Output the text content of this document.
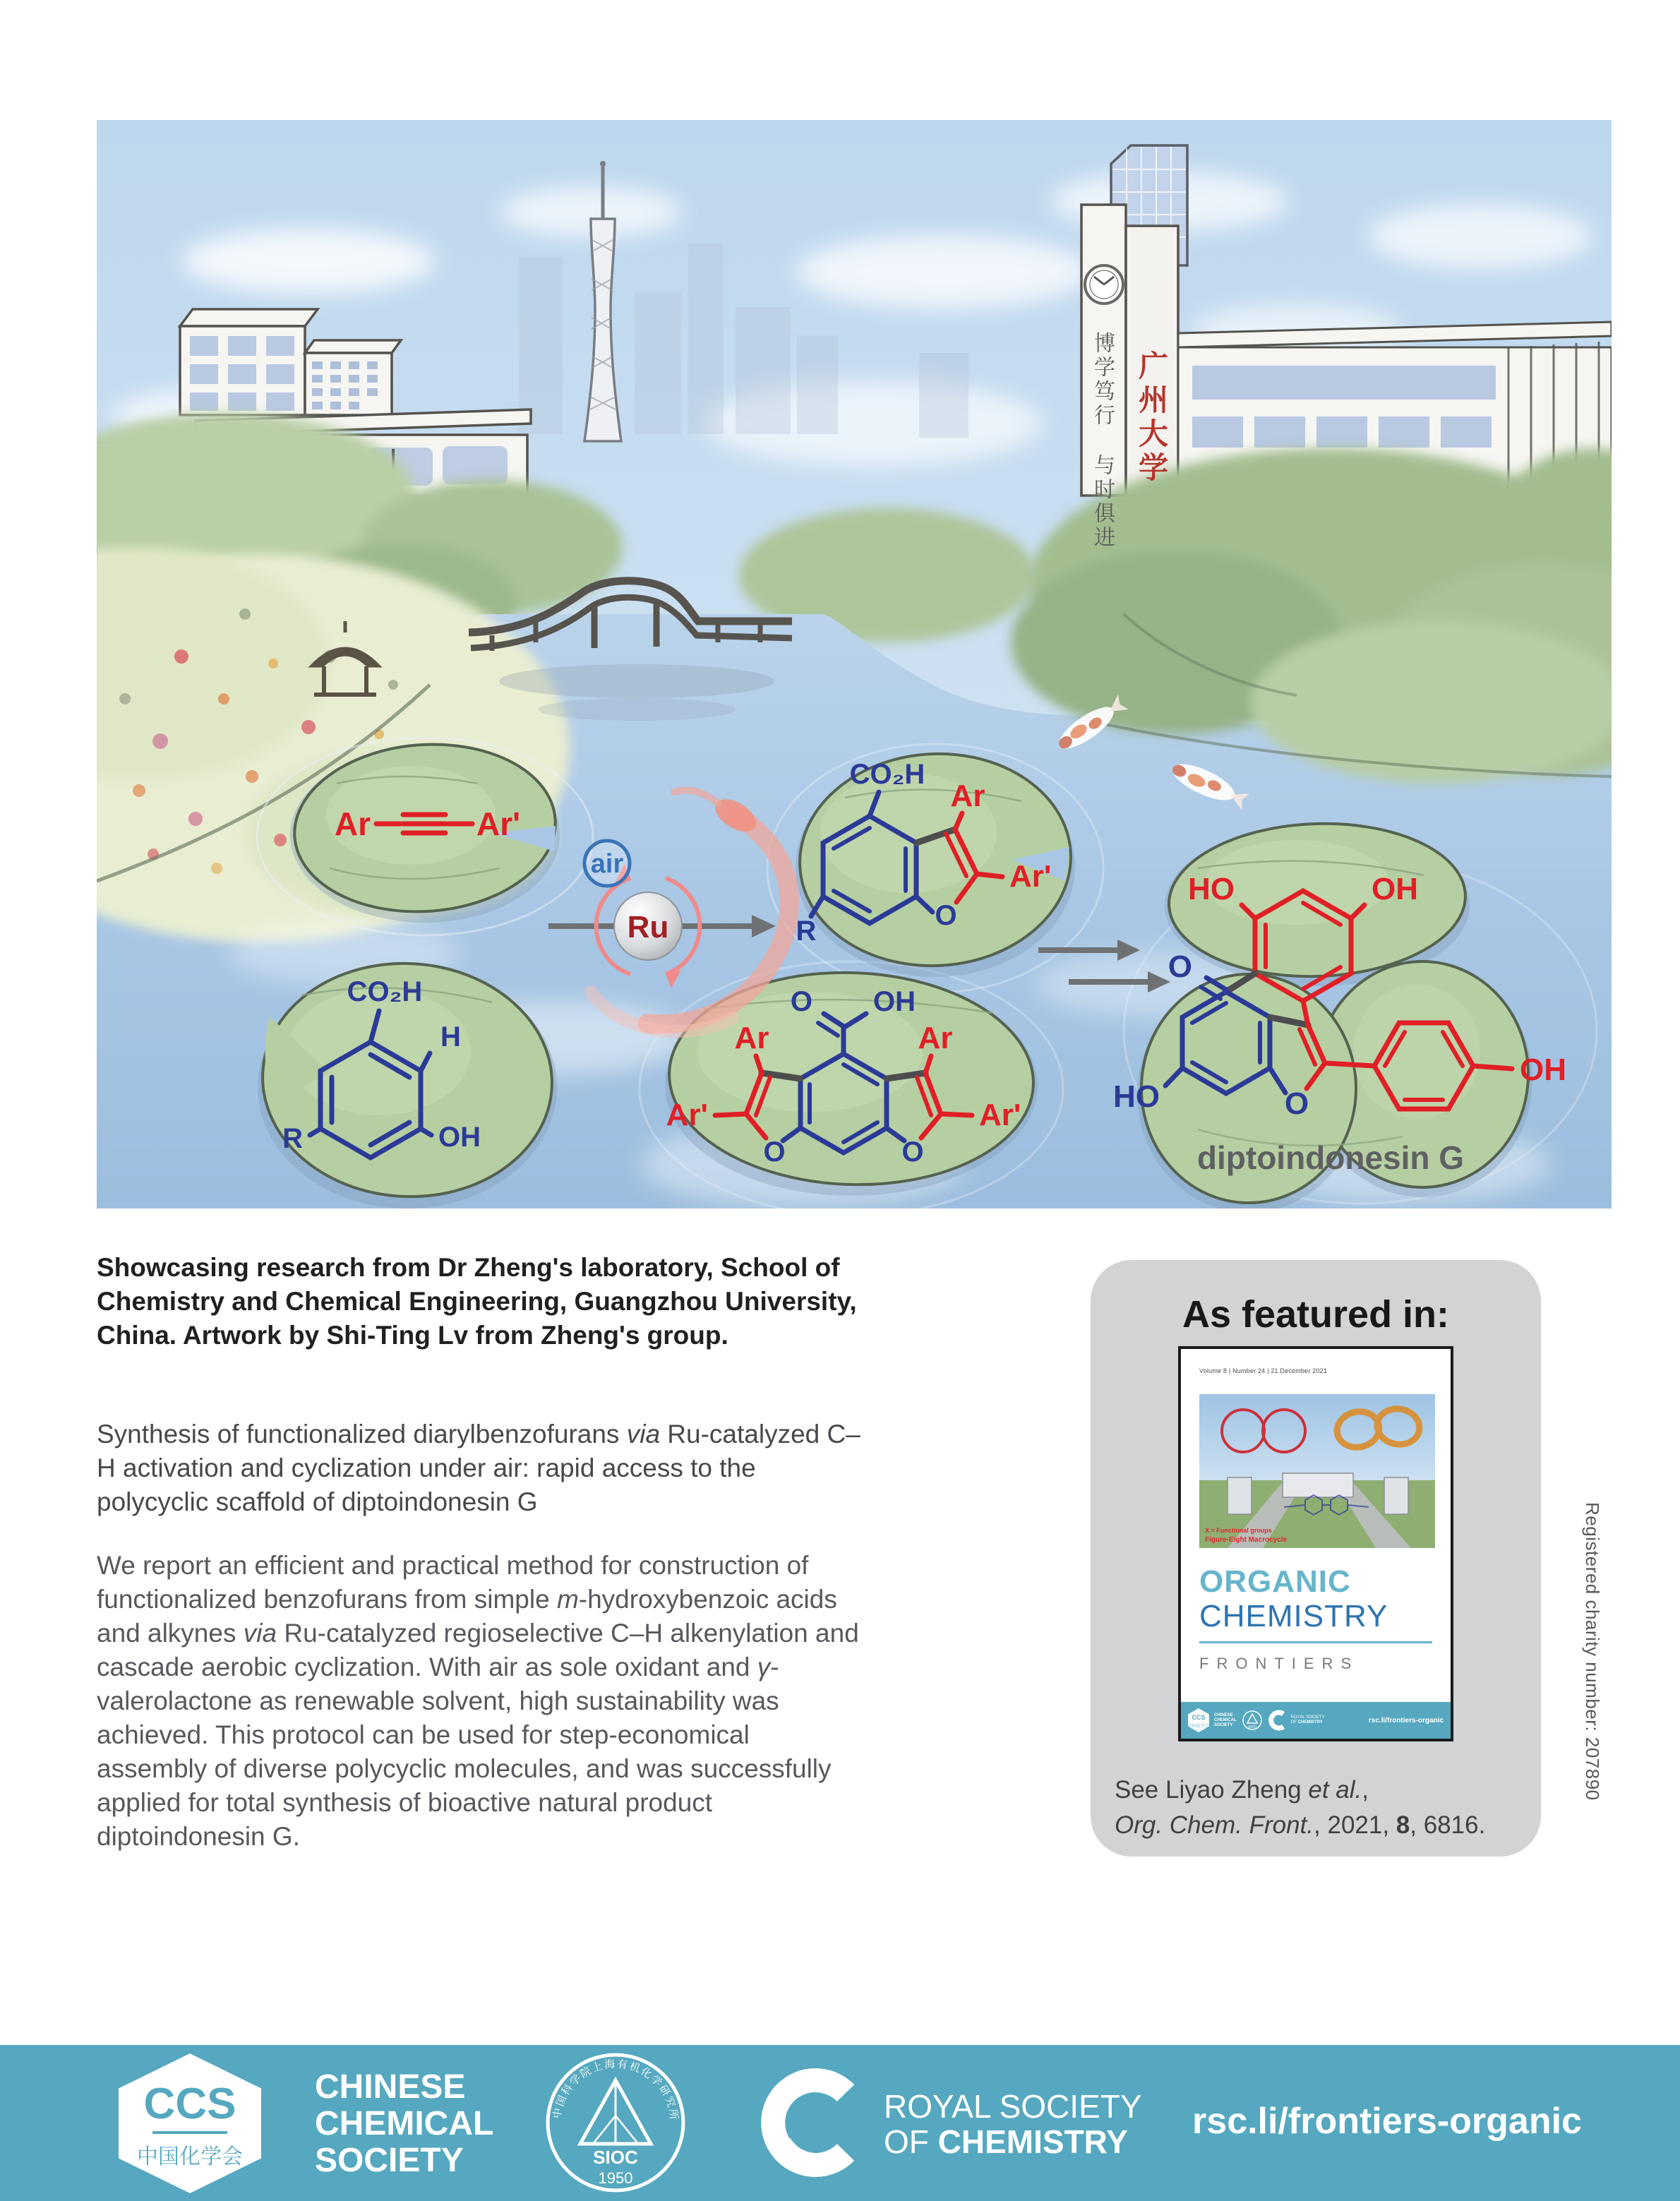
Ar	Ar'
CO₂H
H
OH
R
CO₂H
Ar
Ar'
R	O
O OH
Ar	Ar
Ar'	Ar'
O	O
HO	OH
O
HO	O
OH
diptoindonesin G
air
Ru
博学笃行 与时俱进 广州大学
Showcasing research from Dr Zheng's laboratory, School of Chemistry and Chemical Engineering, Guangzhou University, China. Artwork by Shi-Ting Lv from Zheng's group.
Synthesis of functionalized diarylbenzofurans via Ru-catalyzed C–H activation and cyclization under air: rapid access to the polycyclic scaffold of diptoindonesin G
We report an efficient and practical method for construction of functionalized benzofurans from simple m-hydroxybenzoic acids and alkynes via Ru-catalyzed regioselective C–H alkenylation and cascade aerobic cyclization. With air as sole oxidant and γ-valerolactone as renewable solvent, high sustainability was achieved. This protocol can be used for step-economical assembly of diverse polycyclic molecules, and was successfully applied for total synthesis of bioactive natural product diptoindonesin G.
As featured in:
Volume 8 | Number 24 | 21 December 2021
X = Functional groups
Figure-Eight Macrocycle
ORGANIC
CHEMISTRY
FRONTIERS
CCS
中国化学会
CHINESE
CHEMICAL
SOCIETY
SIOC
ROYAL SOCIETY
OF CHEMISTRY	rsc.li/frontiers-organic
See Liyao Zheng et al.,
Org. Chem. Front., 2021, 8, 6816.
Registered charity number: 207890
CCS
中国化学会
CHINESE
CHEMICAL
SOCIETY
中国科学院上海有机化学研究所
SIOC
1950
ROYAL SOCIETY
OF CHEMISTRY	rsc.li/frontiers-organic
